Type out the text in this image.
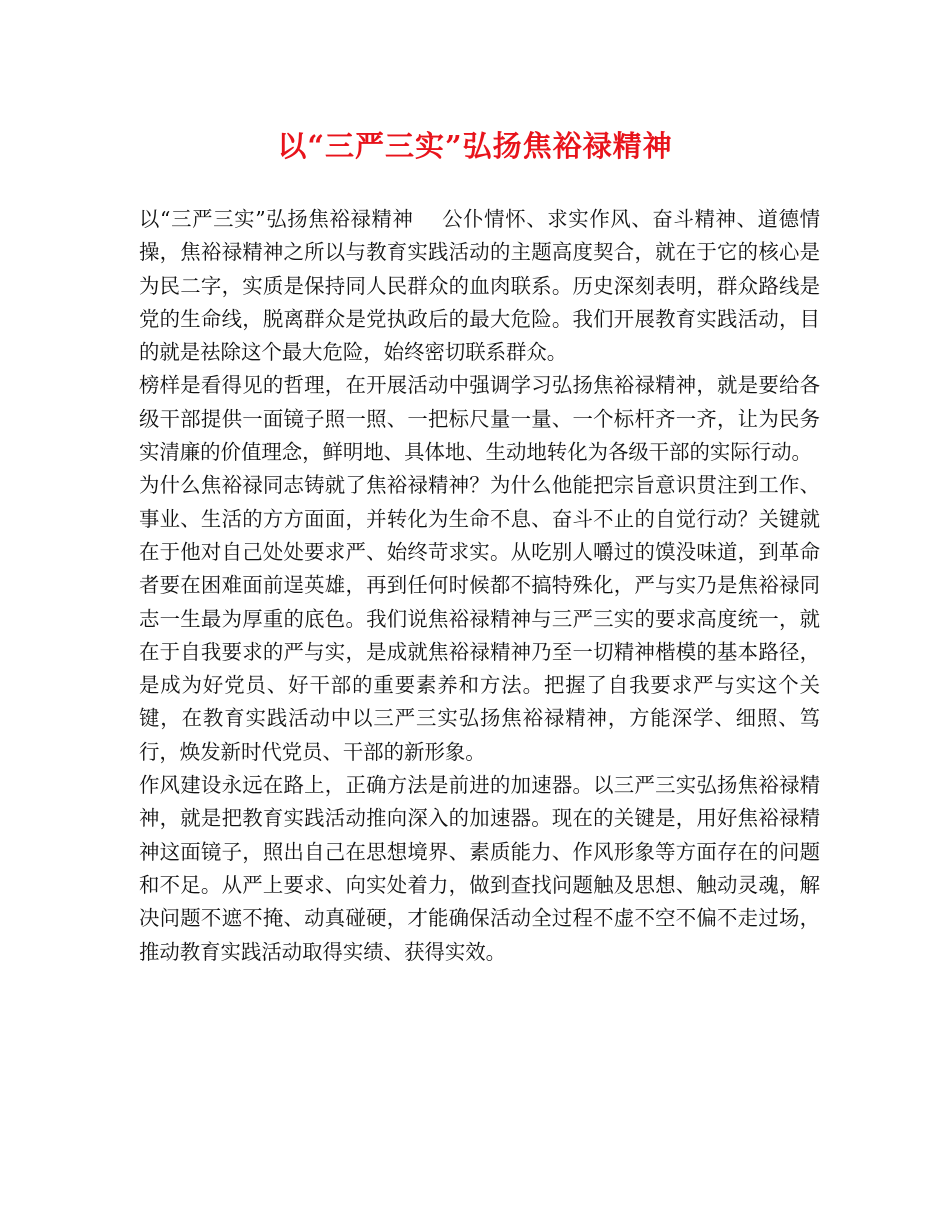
以“三严三实”弘扬焦裕禄精神

以“三严三实”弘扬焦裕禄精神 公仆情怀、求实作风、奋斗精神、道德情操，焦裕禄精神之所以与教育实践活动的主题高度契合，就在于它的核心是为民二字，实质是保持同人民群众的血肉联系。历史深刻表明，群众路线是党的生命线，脱离群众是党执政后的最大危险。我们开展教育实践活动，目的就是祛除这个最大危险，始终密切联系群众。

榜样是看得见的哲理，在开展活动中强调学习弘扬焦裕禄精神，就是要给各级干部提供一面镜子照一照、一把标尺量一量、一个标杆齐一齐，让为民务实清廉的价值理念，鲜明地、具体地、生动地转化为各级干部的实际行动。

为什么焦裕禄同志铸就了焦裕禄精神？为什么他能把宗旨意识贯注到工作、事业、生活的方方面面，并转化为生命不息、奋斗不止的自觉行动？关键就在于他对自己处处要求严、始终苛求实。从吃别人嚼过的馍没味道，到革命者要在困难面前逞英雄，再到任何时候都不搞特殊化，严与实乃是焦裕禄同志一生最为厚重的底色。我们说焦裕禄精神与三严三实的要求高度统一，就在于自我要求的严与实，是成就焦裕禄精神乃至一切精神楷模的基本路径，是成为好党员、好干部的重要素养和方法。把握了自我要求严与实这个关键，在教育实践活动中以三严三实弘扬焦裕禄精神，方能深学、细照、笃行，焕发新时代党员、干部的新形象。

作风建设永远在路上，正确方法是前进的加速器。以三严三实弘扬焦裕禄精神，就是把教育实践活动推向深入的加速器。现在的关键是，用好焦裕禄精神这面镜子，照出自己在思想境界、素质能力、作风形象等方面存在的问题和不足。从严上要求、向实处着力，做到查找问题触及思想、触动灵魂，解决问题不遮不掩、动真碰硬，才能确保活动全过程不虚不空不偏不走过场，推动教育实践活动取得实绩、获得实效。
